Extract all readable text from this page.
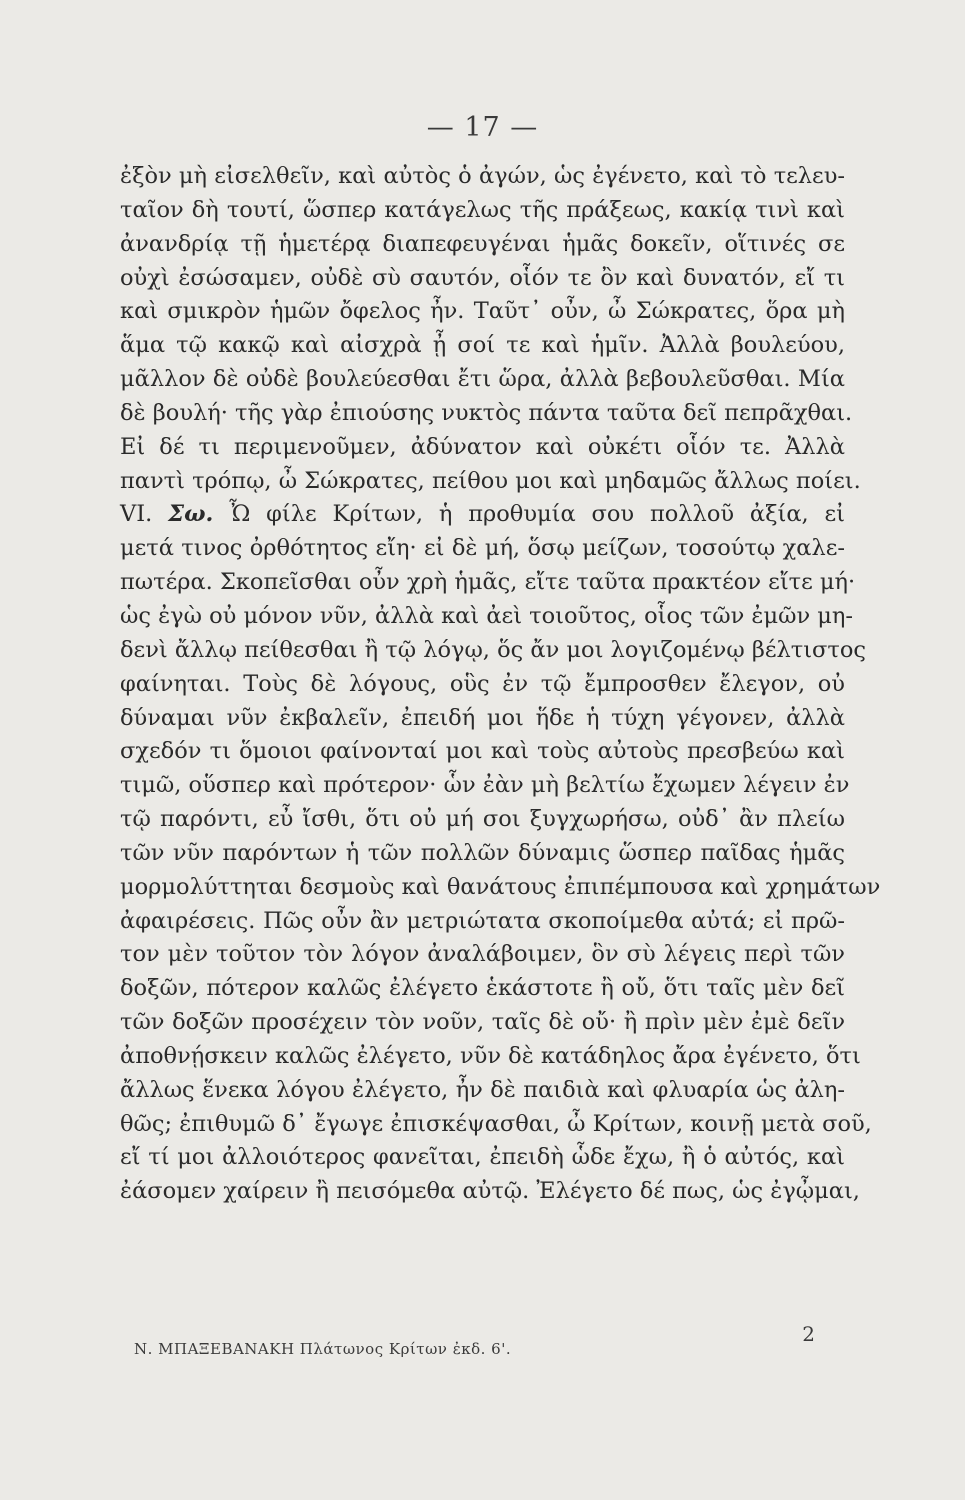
— 17 —
ἐξὸν μὴ εἰσελθεῖν, καὶ αὐτὸς ὁ ἀγών, ὡς ἐγένετο, καὶ τὸ τελευ-
ταῖον δὴ τουτί, ὥσπερ κατάγελως τῆς πράξεως, κακίᾳ τινὶ καὶ
ἀνανδρίᾳ τῇ ἡμετέρᾳ διαπεφευγέναι ἡμᾶς δοκεῖν, οἵτινές σε
οὐχὶ ἐσώσαμεν, οὐδὲ σὺ σαυτόν, οἷόν τε ὂν καὶ δυνατόν, εἴ τι
καὶ σμικρὸν ἡμῶν ὄφελος ἦν. Ταῦτ᾽ οὖν, ὦ Σώκρατες, ὅρα μὴ
ἅμα τῷ κακῷ καὶ αἰσχρὰ ᾖ σοί τε καὶ ἡμῖν. Ἀλλὰ βουλεύου,
μᾶλλον δὲ οὐδὲ βουλεύεσθαι ἔτι ὥρα, ἀλλὰ βεβουλεῦσθαι. Μία
δὲ βουλή· τῆς γὰρ ἐπιούσης νυκτὸς πάντα ταῦτα δεῖ πεπρᾶχθαι.
Εἰ δέ τι περιμενοῦμεν, ἀδύνατον καὶ οὐκέτι οἷόν τε. Ἀλλὰ
παντὶ τρόπῳ, ὦ Σώκρατες, πείθου μοι καὶ μηδαμῶς ἄλλως ποίει.
VI. Σω. Ὦ φίλε Κρίτων, ἡ προθυμία σου πολλοῦ ἀξία, εἰ
μετά τινος ὀρθότητος εἴη· εἰ δὲ μή, ὅσῳ μείζων, τοσούτῳ χαλε-
πωτέρα. Σκοπεῖσθαι οὖν χρὴ ἡμᾶς, εἴτε ταῦτα πρακτέον εἴτε μή·
ὡς ἐγὼ οὐ μόνον νῦν, ἀλλὰ καὶ ἀεὶ τοιοῦτος, οἷος τῶν ἐμῶν μη-
δενὶ ἄλλῳ πείθεσθαι ἢ τῷ λόγῳ, ὅς ἄν μοι λογιζομένῳ βέλτιστος
φαίνηται. Τοὺς δὲ λόγους, οὓς ἐν τῷ ἔμπροσθεν ἔλεγον, οὐ
δύναμαι νῦν ἐκβαλεῖν, ἐπειδή μοι ἥδε ἡ τύχη γέγονεν, ἀλλὰ
σχεδόν τι ὅμοιοι φαίνονταί μοι καὶ τοὺς αὐτοὺς πρεσβεύω καὶ
τιμῶ, οὕσπερ καὶ πρότερον· ὧν ἐὰν μὴ βελτίω ἔχωμεν λέγειν ἐν
τῷ παρόντι, εὖ ἴσθι, ὅτι οὐ μή σοι ξυγχωρήσω, οὐδ᾽ ἂν πλείω
τῶν νῦν παρόντων ἡ τῶν πολλῶν δύναμις ὥσπερ παῖδας ἡμᾶς
μορμολύττηται δεσμοὺς καὶ θανάτους ἐπιπέμπουσα καὶ χρημάτων
ἀφαιρέσεις. Πῶς οὖν ἂν μετριώτατα σκοποίμεθα αὐτά; εἰ πρῶ-
τον μὲν τοῦτον τὸν λόγον ἀναλάβοιμεν, ὃν σὺ λέγεις περὶ τῶν
δοξῶν, πότερον καλῶς ἐλέγετο ἑκάστοτε ἢ οὔ, ὅτι ταῖς μὲν δεῖ
τῶν δοξῶν προσέχειν τὸν νοῦν, ταῖς δὲ οὔ· ἢ πρὶν μὲν ἐμὲ δεῖν
ἀποθνῄσκειν καλῶς ἐλέγετο, νῦν δὲ κατάδηλος ἄρα ἐγένετο, ὅτι
ἄλλως ἕνεκα λόγου ἐλέγετο, ἦν δὲ παιδιὰ καὶ φλυαρία ὡς ἀλη-
θῶς; ἐπιθυμῶ δ᾽ ἔγωγε ἐπισκέψασθαι, ὦ Κρίτων, κοινῇ μετὰ σοῦ,
εἴ τί μοι ἀλλοιότερος φανεῖται, ἐπειδὴ ὧδε ἔχω, ἢ ὁ αὐτός, καὶ
ἐάσομεν χαίρειν ἢ πεισόμεθα αὐτῷ. Ἐλέγετο δέ πως, ὡς ἐγᾦμαι,
Ν. ΜΠΑΞΕΒΑΝΑΚΗ Πλάτωνος Κρίτων ἐκδ. 6'.
2
